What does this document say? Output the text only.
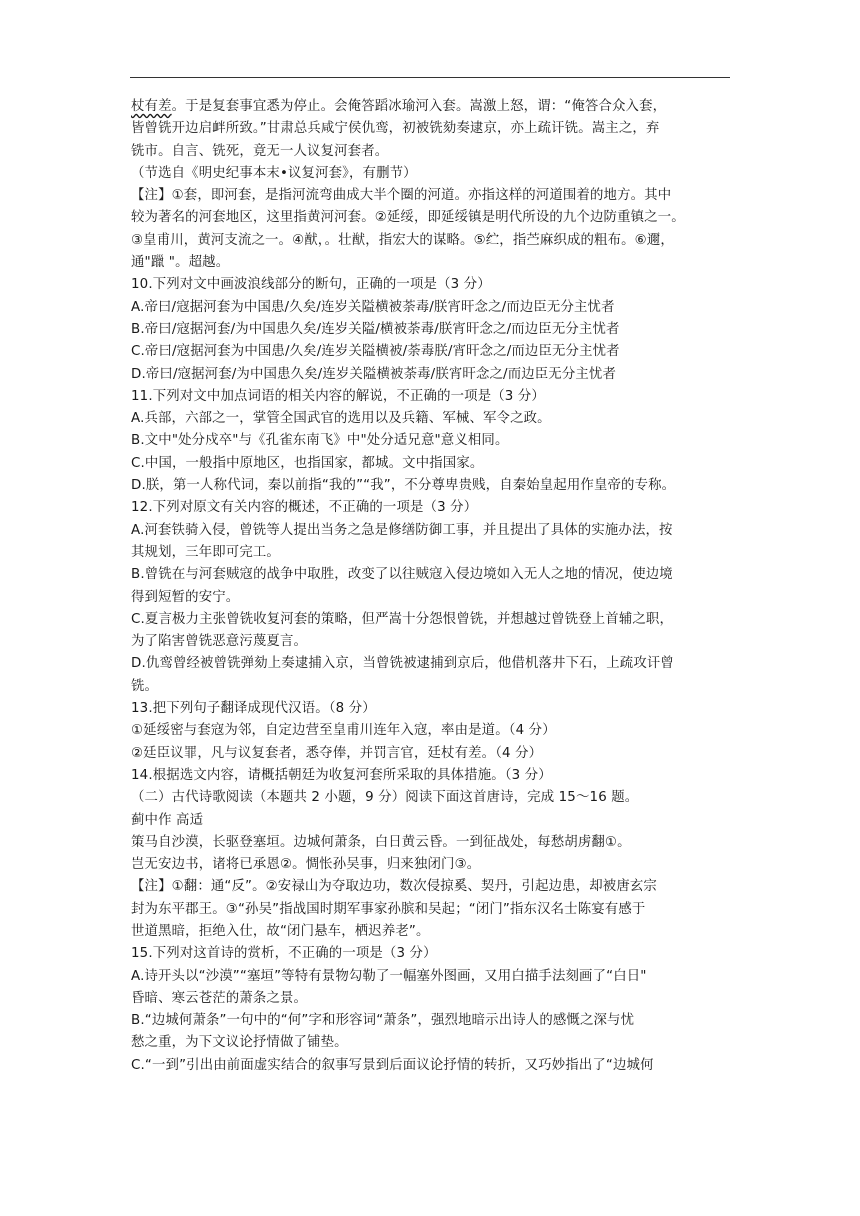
杖有差。于是复套事宜悉为停止。会俺答蹈冰瑜河入套。嵩激上怒，谓：“俺答合众入套，
皆曾铣开边启衅所致。”甘肃总兵咸宁侯仇鸾，初被铣劾奏逮京，亦上疏讦铣。嵩主之，弃
铣市。自言、铣死，竟无一人议复河套者。
（节选自《明史纪事本末•议复河套》，有删节）
【注】①套，即河套，是指河流弯曲成大半个圈的河道。亦指这样的河道围着的地方。其中
较为著名的河套地区，这里指黄河河套。②延绥，即延绥镇是明代所设的九个边防重镇之一。
③皇甫川，黄河支流之一。④猷，。壮猷，指宏大的谋略。⑤纻，指苎麻织成的粗布。⑥邇，
通"躐 "。超越。
10.下列对文中画波浪线部分的断句，正确的一项是（3 分）
A.帝曰/寇据河套为中国患/久矣/连岁关隘横被荼毒/朕宵旰念之/而边臣无分主忧者
B.帝曰/寇据河套/为中国患久矣/连岁关隘/横被荼毒/朕宵旰念之/而边臣无分主忧者
C.帝曰/寇据河套为中国患/久矣/连岁关隘横被/荼毒朕/宵旰念之/而边臣无分主忧者
D.帝曰/寇据河套/为中国患久矣/连岁关隘横被荼毒/朕宵旰念之/而边臣无分主忧者
11.下列对文中加点词语的相关内容的解说，不正确的一项是（3 分）
A.兵部，六部之一，掌管全国武官的选用以及兵籍、军械、军令之政。
B.文中"处分戍卒"与《孔雀东南飞》中"处分适兄意"意义相同。
C.中国，一般指中原地区，也指国家，都城。文中指国家。
D.朕，第一人称代词，秦以前指“我的”“我”，不分尊卑贵贱，自秦始皇起用作皇帝的专称。
12.下列对原文有关内容的概述，不正确的一项是（3 分）
A.河套铁骑入侵，曾铣等人提出当务之急是修缮防御工事，并且提出了具体的实施办法，按
其规划，三年即可完工。
B.曾铣在与河套贼寇的战争中取胜，改变了以往贼寇入侵边境如入无人之地的情况，使边境
得到短暂的安宁。
C.夏言极力主张曾铣收复河套的策略，但严嵩十分怨恨曾铣，并想越过曾铣登上首辅之职，
为了陷害曾铣恶意污蔑夏言。
D.仇鸾曾经被曾铣弹劾上奏逮捕入京，当曾铣被逮捕到京后，他借机落井下石，上疏攻讦曾
铣。
13.把下列句子翻译成现代汉语。（8 分）
①延绥密与套寇为邻，自定边营至皇甫川连年入寇，率由是道。（4 分）
②廷臣议罪，凡与议复套者，悉夺俸，并罚言官，廷杖有差。（4 分）
14.根据选文内容，请概括朝廷为收复河套所采取的具体措施。（3 分）
（二）古代诗歌阅读（本题共 2 小题，9 分）阅读下面这首唐诗，完成 15～16 题。
蓟中作 高适
策马自沙漠，长驱登塞垣。边城何萧条，白日黄云昏。一到征战处，每愁胡虏翻①。
岂无安边书，诸将已承恩②。惆怅孙吴事，归来独闭门③。
【注】①翻：通“反”。②安禄山为夺取边功，数次侵掠奚、契丹，引起边患，却被唐玄宗
封为东平郡王。③“孙吴”指战国时期军事家孙膑和吴起；“闭门”指东汉名士陈宴有感于
世道黑暗，拒绝入仕，故“闭门悬车，栖迟养老”。
15.下列对这首诗的赏析，不正确的一项是（3 分）
A.诗开头以“沙漠”“塞垣”等特有景物勾勒了一幅塞外图画，又用白描手法刻画了“白日"
昏暗、寒云苍茫的萧条之景。
B.“边城何萧条”一句中的“何”字和形容词“萧条”，强烈地暗示出诗人的感慨之深与忧
愁之重，为下文议论抒情做了铺垫。
C.“一到”引出由前面虚实结合的叙事写景到后面议论抒情的转折，又巧妙指出了“边城何
